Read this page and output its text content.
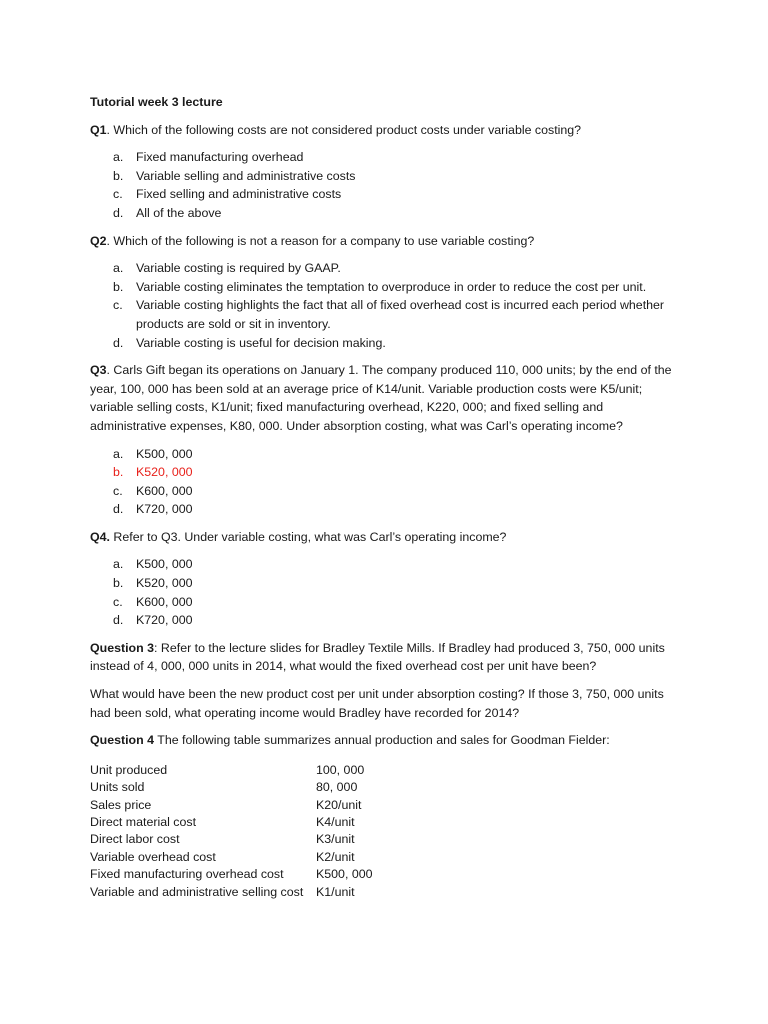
Tutorial week 3 lecture

Q1. Which of the following costs are not considered product costs under variable costing?

a. Fixed manufacturing overhead
b. Variable selling and administrative costs
c. Fixed selling and administrative costs
d. All of the above

Q2. Which of the following is not a reason for a company to use variable costing?

a. Variable costing is required by GAAP.
b. Variable costing eliminates the temptation to overproduce in order to reduce the cost per unit.
c. Variable costing highlights the fact that all of fixed overhead cost is incurred each period whether products are sold or sit in inventory.
d. Variable costing is useful for decision making.

Q3. Carls Gift began its operations on January 1. The company produced 110, 000 units; by the end of the year, 100, 000 has been sold at an average price of K14/unit. Variable production costs were K5/unit; variable selling costs, K1/unit; fixed manufacturing overhead, K220, 000; and fixed selling and administrative expenses, K80, 000. Under absorption costing, what was Carl’s operating income?

a. K500, 000
b. K520, 000
c. K600, 000
d. K720, 000

Q4. Refer to Q3. Under variable costing, what was Carl’s operating income?

a. K500, 000
b. K520, 000
c. K600, 000
d. K720, 000

Question 3: Refer to the lecture slides for Bradley Textile Mills. If Bradley had produced 3, 750, 000 units instead of 4, 000, 000 units in 2014, what would the fixed overhead cost per unit have been?

What would have been the new product cost per unit under absorption costing? If those 3, 750, 000 units had been sold, what operating income would Bradley have recorded for 2014?

Question 4 The following table summarizes annual production and sales for Goodman Fielder:

Unit produced	100, 000
Units sold	80, 000
Sales price	K20/unit
Direct material cost	K4/unit
Direct labor cost	K3/unit
Variable overhead cost	K2/unit
Fixed manufacturing overhead cost	K500, 000
Variable and administrative selling cost	K1/unit
